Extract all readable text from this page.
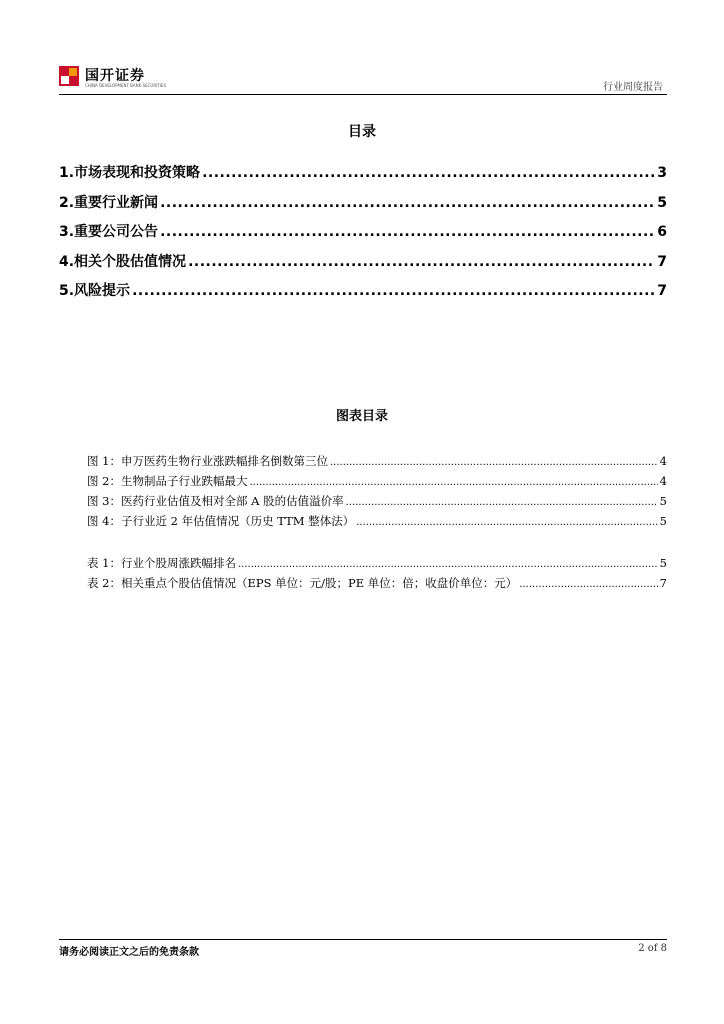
国开证券
CHINA DEVELOPMENT BANK SECURITIES	行业周度报告
目录
1.市场表现和投资策略 .....	3
2.重要行业新闻 .....	5
3.重要公司公告 .....	6
4.相关个股估值情况 .....	7
5.风险提示 .....	7
图表目录
图 1：申万医药生物行业涨跌幅排名倒数第三位 .....	4
图 2：生物制品子行业跌幅最大 .....	4
图 3：医药行业估值及相对全部 A 股的估值溢价率 .....	5
图 4：子行业近 2 年估值情况（历史 TTM 整体法） .....	5
表 1：行业个股周涨跌幅排名 .....	5
表 2：相关重点个股估值情况（EPS 单位：元/股；PE 单位：倍；收盘价单位：元） .....	7
请务必阅读正文之后的免责条款	2 of 8
